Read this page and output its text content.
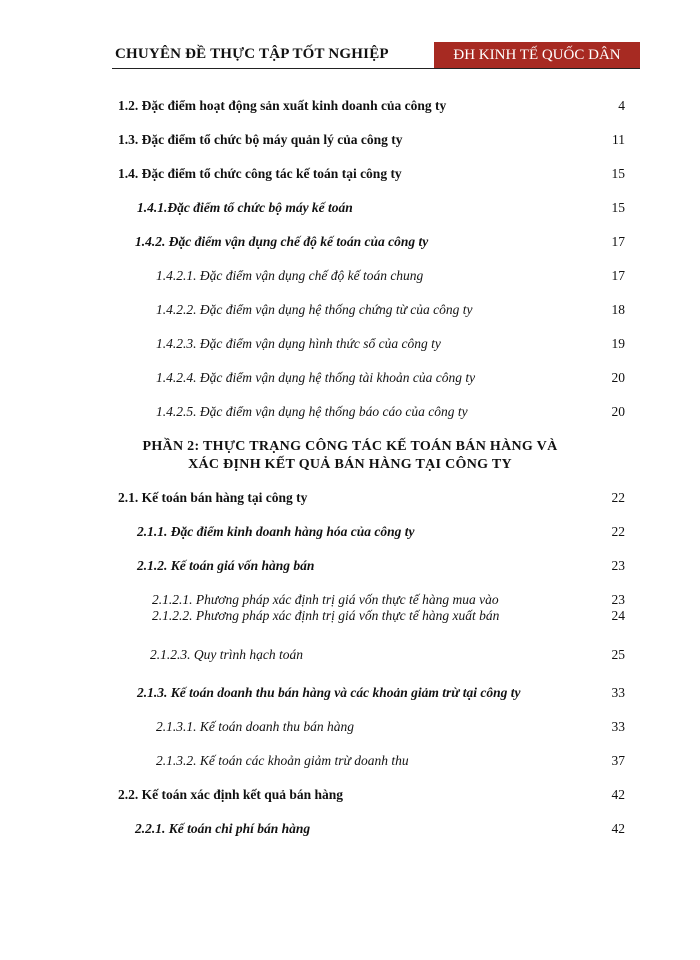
CHUYÊN ĐỀ THỰC TẬP TỐT NGHIỆP	ĐH KINH TẾ QUỐC DÂN
1.2. Đặc điểm hoạt động sản xuất kinh doanh của công ty	4
1.3. Đặc điểm tổ chức bộ máy quản lý của công ty	11
1.4. Đặc điểm tổ chức công tác kế toán tại công ty	15
1.4.1.Đặc điểm tổ chức bộ máy kế toán	15
1.4.2. Đặc điểm vận dụng chế độ kế toán của công ty	17
1.4.2.1. Đặc điểm vận dụng chế độ kế toán chung	17
1.4.2.2. Đặc điểm vận dụng hệ thống chứng từ của công ty	18
1.4.2.3. Đặc điểm vận dụng hình thức sổ của công ty	19
1.4.2.4. Đặc điểm vận dụng hệ thống tài khoản của công ty	20
1.4.2.5. Đặc điểm vận dụng hệ thống báo cáo của công ty	20
PHẦN 2: THỰC TRẠNG CÔNG TÁC KẾ TOÁN BÁN HÀNG VÀ
XÁC ĐỊNH KẾT QUẢ BÁN HÀNG TẠI CÔNG TY
2.1. Kế toán bán hàng tại công ty	22
2.1.1. Đặc điểm kinh doanh hàng hóa của công ty	22
2.1.2. Kế toán giá vốn hàng bán	23
2.1.2.1. Phương pháp xác định trị giá vốn thực tế hàng mua vào	23
2.1.2.2. Phương pháp xác định trị giá vốn thực tế hàng xuất bán	24
2.1.2.3. Quy trình hạch toán	25
2.1.3. Kế toán doanh thu bán hàng và các khoản giảm trừ tại công ty	33
2.1.3.1. Kế toán doanh thu bán hàng	33
2.1.3.2. Kế toán các khoản giảm trừ doanh thu	37
2.2. Kế toán xác định kết quả bán hàng	42
2.2.1. Kế toán chi phí bán hàng	42
